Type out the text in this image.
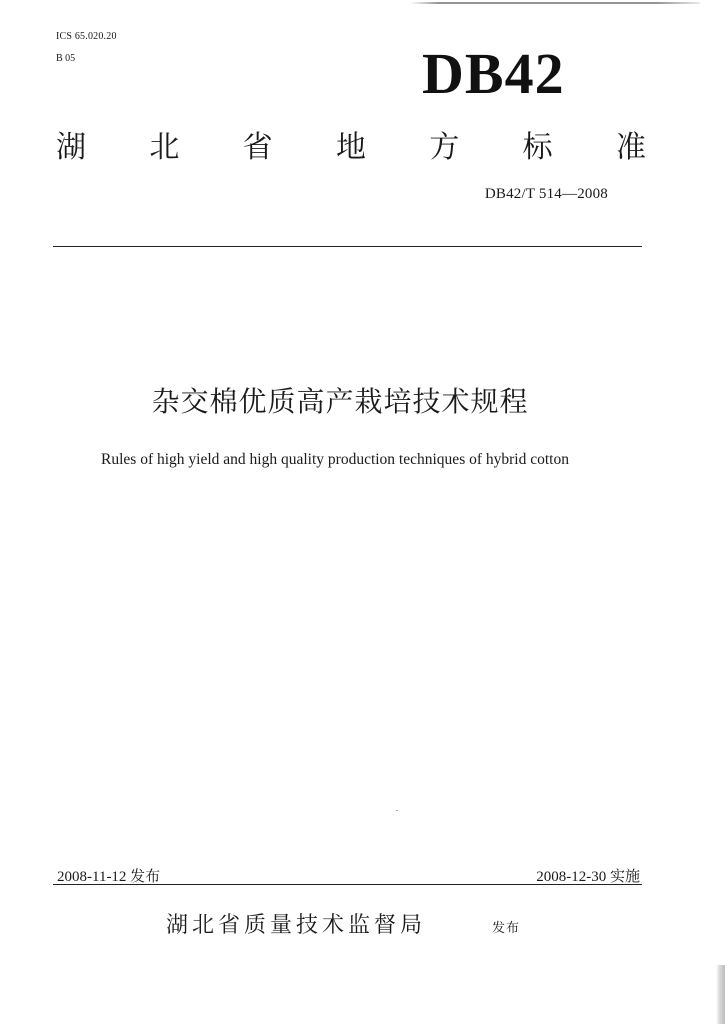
ICS 65.020.20
B 05	DB42
湖 北 省 地 方 标 准
DB42/T 514—2008
杂交棉优质高产栽培技术规程
Rules of high yield and high quality production techniques of hybrid cotton
2008-11-12 发布	2008-12-30 实施
湖北省质量技术监督局	发布
